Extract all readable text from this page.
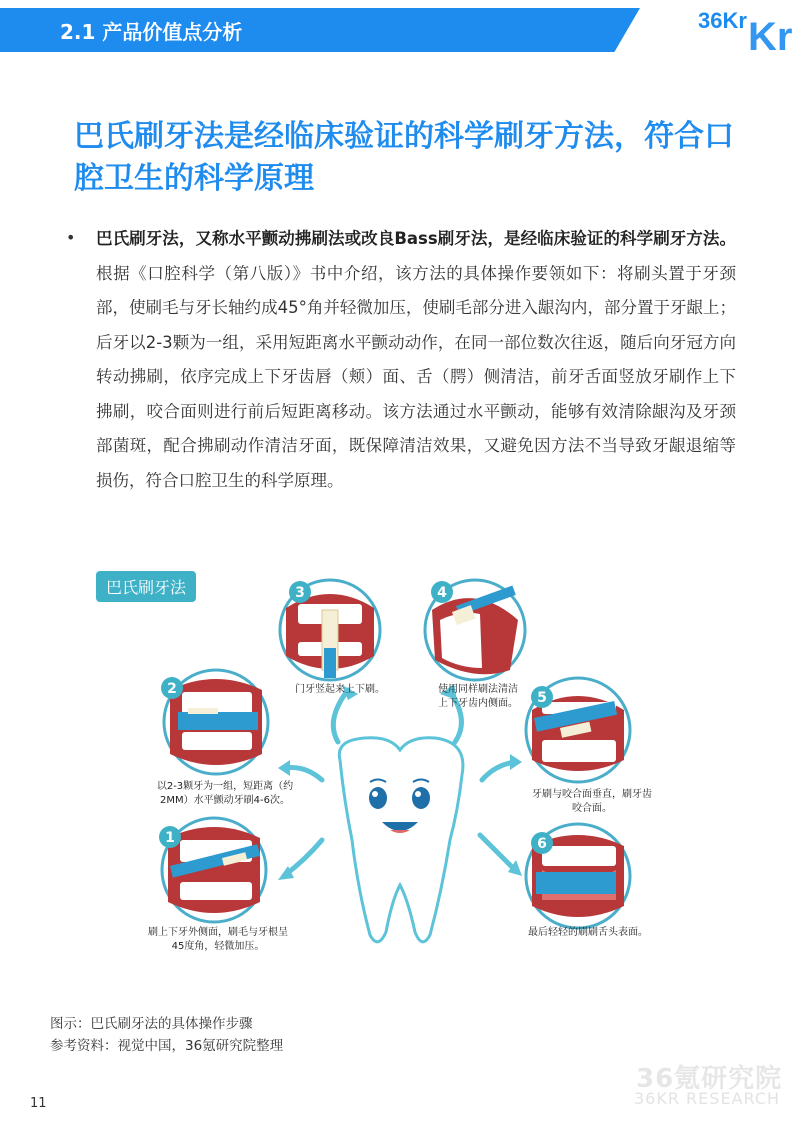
2.1 产品价值点分析	36Kr Kr
巴氏刷牙法是经临床验证的科学刷牙方法，符合口腔卫生的科学原理
• 巴氏刷牙法，又称水平颤动拂刷法或改良Bass刷牙法，是经临床验证的科学刷牙方法。根据《口腔科学（第八版）》书中介绍，该方法的具体操作要领如下：将刷头置于牙颈部，使刷毛与牙长轴约成45°角并轻微加压，使刷毛部分进入龈沟内，部分置于牙龈上；后牙以2-3颗为一组，采用短距离水平颤动动作，在同一部位数次往返，随后向牙冠方向转动拂刷，依序完成上下牙齿唇（颊）面、舌（腭）侧清洁，前牙舌面竖放牙刷作上下拂刷，咬合面则进行前后短距离移动。该方法通过水平颤动，能够有效清除龈沟及牙颈部菌斑，配合拂刷动作清洁牙面，既保障清洁效果，又避免因方法不当导致牙龈退缩等损伤，符合口腔卫生的科学原理。
3	4
2
5
1	6
巴氏刷牙法
门牙竖起来上下刷。	使用同样刷法清洁
上下牙齿内侧面。
以2-3颗牙为一组，短距离（约
2MM）水平颤动牙刷4-6次。
牙刷与咬合面垂直，刷牙齿
咬合面。
刷上下牙外侧面，刷毛与牙根呈
45度角，轻微加压。
最后轻轻的刷刷舌头表面。
图示：巴氏刷牙法的具体操作步骤
参考资料：视觉中国，36氪研究院整理
36氪研究院
36KR RESEARCH
11
